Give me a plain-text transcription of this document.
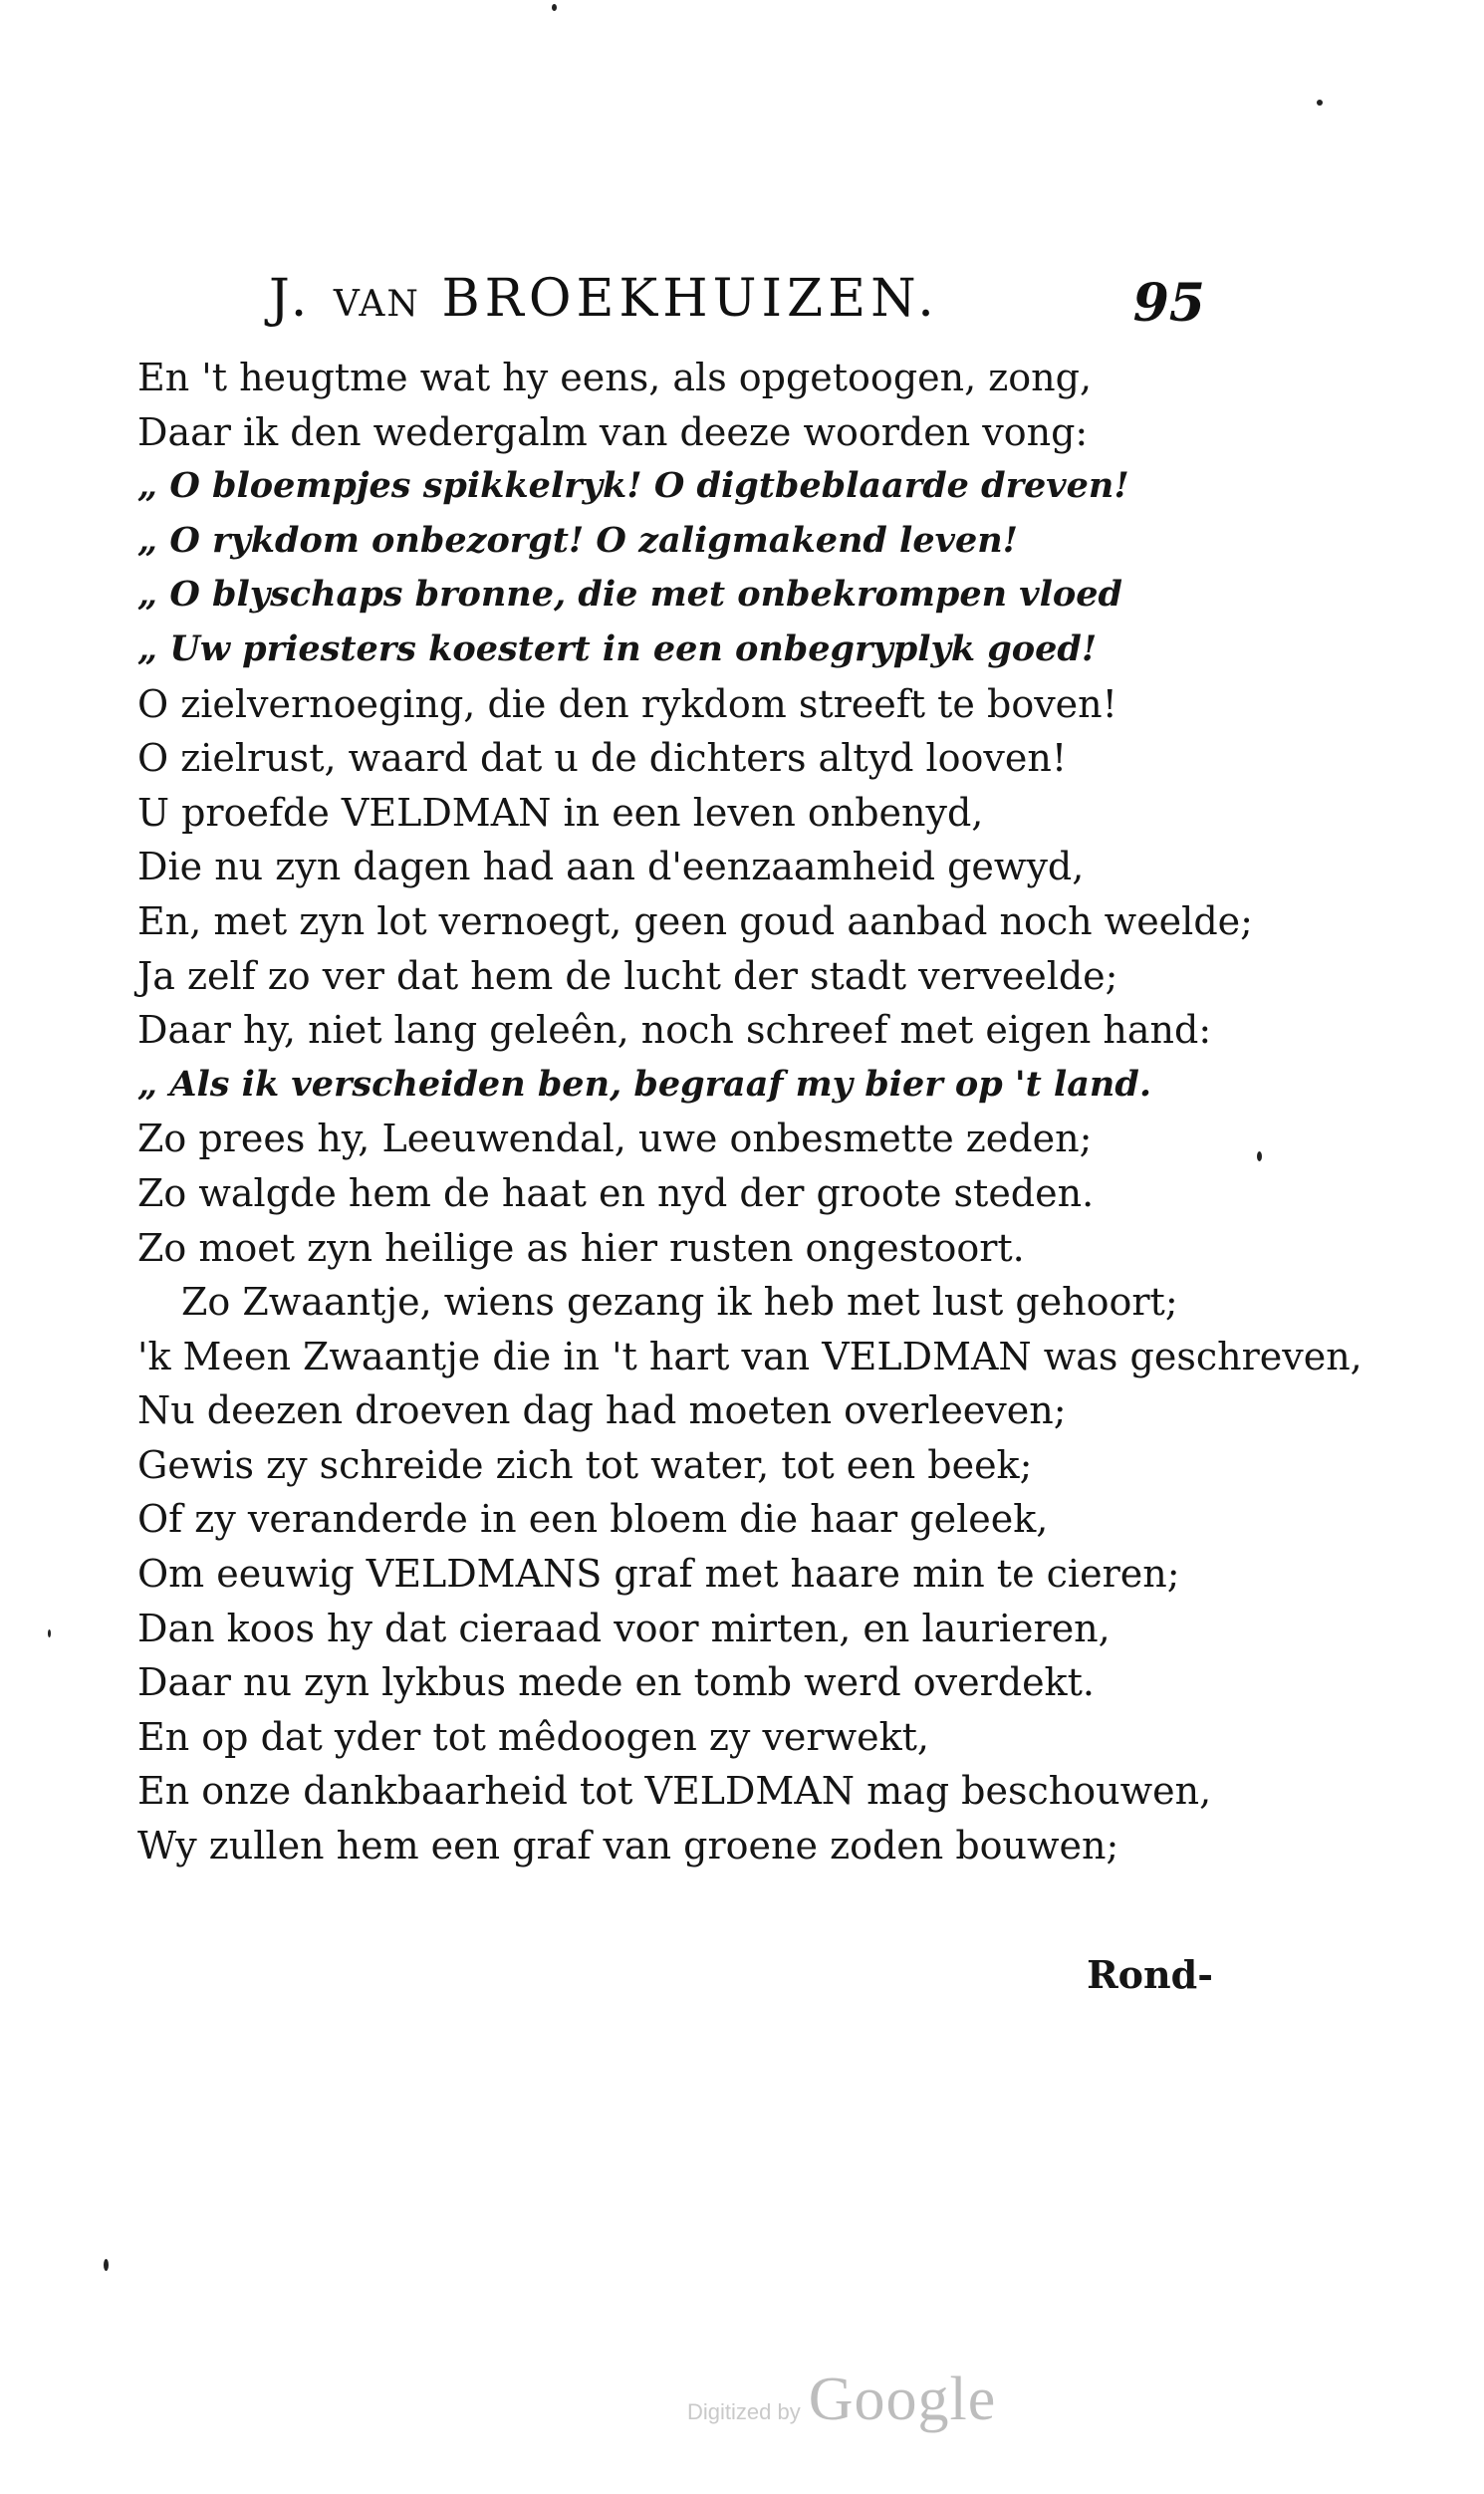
J. VAN BROEKHUIZEN.	95
En 't heugtme wat hy eens, als opgetoogen, zong,
Daar ik den wedergalm van deeze woorden vong:
„ O bloempjes spikkelryk! O digtbeblaarde dreven!
„ O rykdom onbezorgt! O zaligmakend leven!
„ O blyschaps bronne, die met onbekrompen vloed
„ Uw priesters koestert in een onbegryplyk goed!
O zielvernoeging, die den rykdom streeft te boven!
O zielrust, waard dat u de dichters altyd looven!
U proefde VELDMAN in een leven onbenyd,
Die nu zyn dagen had aan d'eenzaamheid gewyd,
En, met zyn lot vernoegt, geen goud aanbad noch weelde;
Ja zelf zo ver dat hem de lucht der stadt verveelde;
Daar hy, niet lang geleên, noch schreef met eigen hand:
„ Als ik verscheiden ben, begraaf my bier op 't land.
Zo prees hy, Leeuwendal, uwe onbesmette zeden;
Zo walgde hem de haat en nyd der groote steden.
Zo moet zyn heilige as hier rusten ongestoort.
Zo Zwaantje, wiens gezang ik heb met lust gehoort;
'k Meen Zwaantje die in 't hart van VELDMAN was geschreven,
Nu deezen droeven dag had moeten overleeven;
Gewis zy schreide zich tot water, tot een beek;
Of zy veranderde in een bloem die haar geleek,
Om eeuwig VELDMANS graf met haare min te cieren;
Dan koos hy dat cieraad voor mirten, en laurieren,
Daar nu zyn lykbus mede en tomb werd overdekt.
En op dat yder tot mêdoogen zy verwekt,
En onze dankbaarheid tot VELDMAN mag beschouwen,
Wy zullen hem een graf van groene zoden bouwen;
Rond-
Digitized by Google
